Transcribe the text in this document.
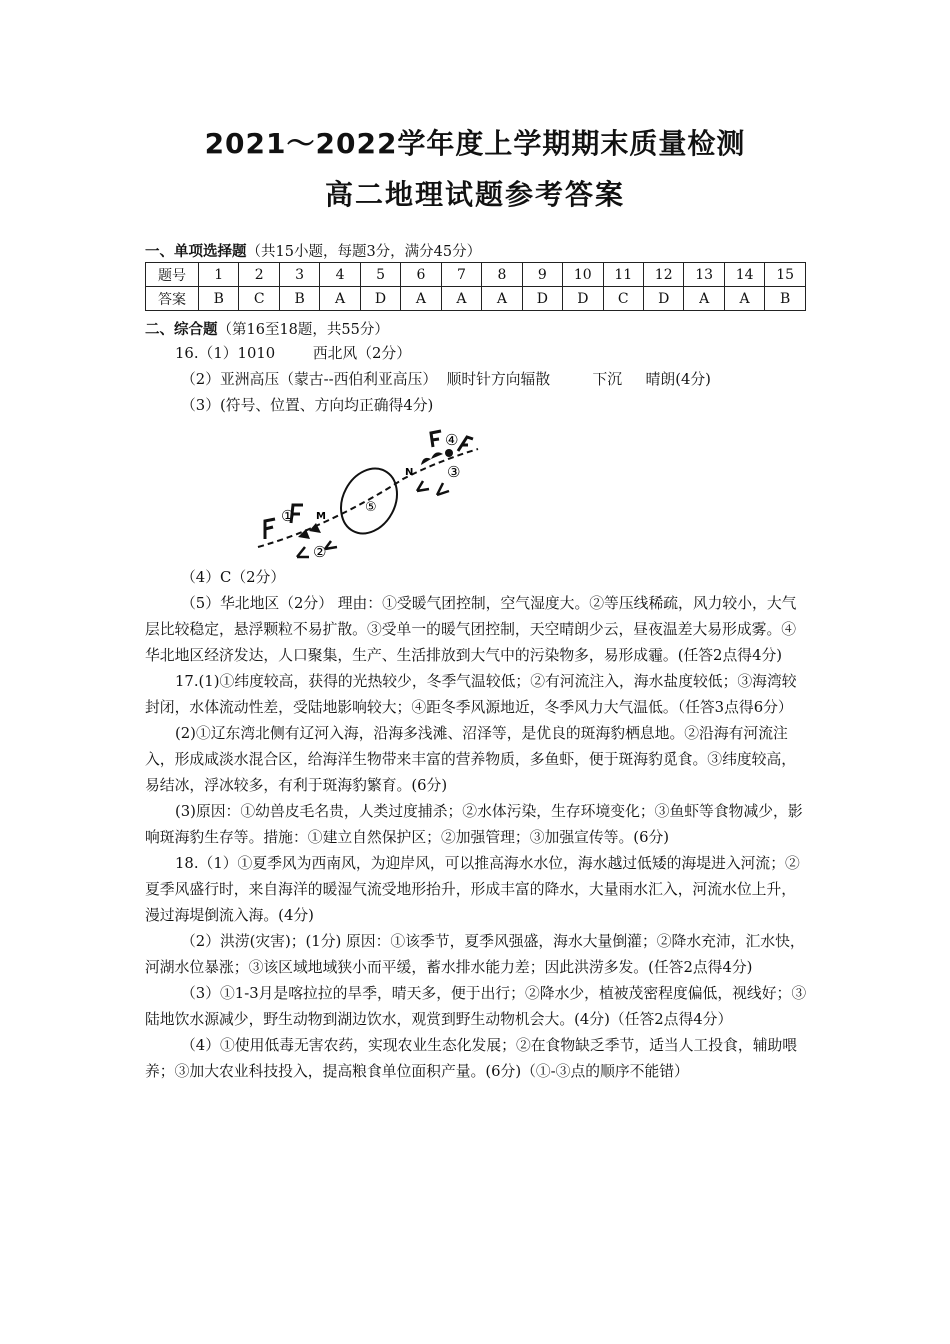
2021～2022学年度上学期期末质量检测
高二地理试题参考答案
一、单项选择题（共15小题，每题3分，满分45分）
题号	1	2	3	4	5	6	7	8	9	10	11	12	13	14	15
答案	B	C	B	A	D	A	A	A	D	D	C	D	A	A	B
二、综合题（第16至18题，共55分）

16.（1）1010        西北风（2分）

（2）亚洲高压（蒙古--西伯利亚高压）  顺时针方向辐散         下沉     晴朗(4分)

（3）(符号、位置、方向均正确得4分)

①
②
③
④
⑤
M
N

（4）C（2分）

（5）华北地区（2分） 理由：①受暖气团控制，空气湿度大。②等压线稀疏，风力较小，大气层比较稳定，悬浮颗粒不易扩散。③受单一的暖气团控制，天空晴朗少云，昼夜温差大易形成雾。④华北地区经济发达，人口聚集，生产、生活排放到大气中的污染物多，易形成霾。(任答2点得4分)

17.(1)①纬度较高，获得的光热较少，冬季气温较低；②有河流注入，海水盐度较低；③海湾较封闭，水体流动性差，受陆地影响较大；④距冬季风源地近，冬季风力大气温低。（任答3点得6分）

(2)①辽东湾北侧有辽河入海，沿海多浅滩、沼泽等，是优良的斑海豹栖息地。②沿海有河流注入，形成咸淡水混合区，给海洋生物带来丰富的营养物质，多鱼虾，便于斑海豹觅食。③纬度较高，易结冰，浮冰较多，有利于斑海豹繁育。(6分)

(3)原因：①幼兽皮毛名贵，人类过度捕杀；②水体污染，生存环境变化；③鱼虾等食物减少，影响斑海豹生存等。措施：①建立自然保护区；②加强管理；③加强宣传等。(6分)

18.（1）①夏季风为西南风，为迎岸风，可以推高海水水位，海水越过低矮的海堤进入河流；②夏季风盛行时，来自海洋的暖湿气流受地形抬升，形成丰富的降水，大量雨水汇入，河流水位上升，漫过海堤倒流入海。(4分)

（2）洪涝(灾害)；(1分) 原因：①该季节，夏季风强盛，海水大量倒灌；②降水充沛，汇水快，河湖水位暴涨；③该区域地域狭小而平缓，蓄水排水能力差；因此洪涝多发。(任答2点得4分)

（3）①1-3月是喀拉拉的旱季，晴天多，便于出行；②降水少，植被茂密程度偏低，视线好；③陆地饮水源减少，野生动物到湖边饮水，观赏到野生动物机会大。(4分)（任答2点得4分）

（4）①使用低毒无害农药，实现农业生态化发展；②在食物缺乏季节，适当人工投食，辅助喂养；③加大农业科技投入，提高粮食单位面积产量。(6分)（①-③点的顺序不能错）
